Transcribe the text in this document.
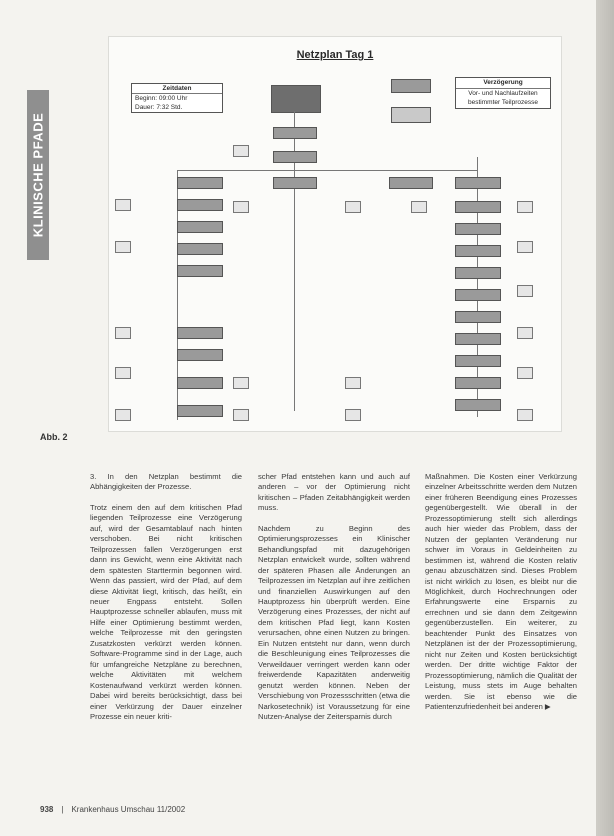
KLINISCHE PFADE
Netzplan Tag 1
Zeitdaten
Beginn: 09:00 Uhr
Dauer: 7:32 Std.
Verzögerung
Vor- und Nachlaufzeiten
bestimmter Teilprozesse
Abb. 2

3. In den Netzplan bestimmt die Abhängigkeiten der Prozesse.

Trotz einem den auf dem kritischen Pfad liegenden Teilprozesse eine Verzögerung auf, wird der Gesamtablauf nach hinten verschoben. Bei nicht kritischen Teilprozessen fallen Verzögerungen erst dann ins Gewicht, wenn eine Aktivität nach dem spätesten Starttermin begonnen wird. Wenn das passiert, wird der Pfad, auf dem diese Aktivität liegt, kritisch, das heißt, ein neuer Engpass entsteht. Sollen Hauptprozesse schneller ablaufen, muss mit Hilfe einer Optimierung bestimmt werden, welche Teilprozesse mit den geringsten Zusatzkosten verkürzt werden können. Software-Programme sind in der Lage, auch für umfangreiche Netzpläne zu berechnen, welche Aktivitäten mit welchem Kostenaufwand verkürzt werden können. Dabei wird bereits berücksichtigt, dass bei einer Verkürzung der Dauer einzelner Prozesse ein neuer kriti-

scher Pfad entstehen kann und auch auf anderen – vor der Optimierung nicht kritischen – Pfaden Zeitabhängigkeit werden muss.

Nachdem zu Beginn des Optimierungsprozesses ein Klinischer Behandlungspfad mit dazugehörigen Netzplan entwickelt wurde, sollten während der späteren Phasen alle Änderungen an Teilprozessen im Netzplan auf ihre zeitlichen und finanziellen Auswirkungen auf den Hauptprozess hin überprüft werden. Eine Verzögerung eines Prozesses, der nicht auf dem kritischen Pfad liegt, kann Kosten verursachen, ohne einen Nutzen zu bringen. Ein Nutzen entsteht nur dann, wenn durch die Beschleunigung eines Teilprozesses die Verweildauer verringert werden kann oder freiwerdende Kapazitäten anderweitig genutzt werden können. Neben der Verschiebung von Prozessschritten (etwa die Narkosetechnik) ist Voraussetzung für eine Nutzen-Analyse der Zeitersparnis durch

Maßnahmen. Die Kosten einer Verkürzung einzelner Arbeitsschritte werden dem Nutzen einer früheren Beendigung eines Prozesses gegenübergestellt. Wie überall in der Prozessoptimierung stellt sich allerdings auch hier wieder das Problem, dass der Nutzen der geplanten Veränderung nur schwer im Voraus in Geldeinheiten zu bestimmen ist, während die Kosten relativ genau abzuschätzen sind. Dieses Problem ist nicht wirklich zu lösen, es bleibt nur die Möglichkeit, durch Hochrechnungen oder Erfahrungswerte eine Ersparnis zu errechnen und sie dann dem Zeitgewinn gegenüberzustellen. Ein weiterer, zu beachtender Punkt des Einsatzes von Netzplänen ist der der Prozessoptimierung, nicht nur Zeiten und Kosten berücksichtigt werden. Der dritte wichtige Faktor der Prozessoptimierung, nämlich die Qualität der Leistung, muss stets im Auge behalten werden. Sie ist ebenso wie die Patientenzufriedenheit bei anderen ▶

938 | Krankenhaus Umschau 11/2002
